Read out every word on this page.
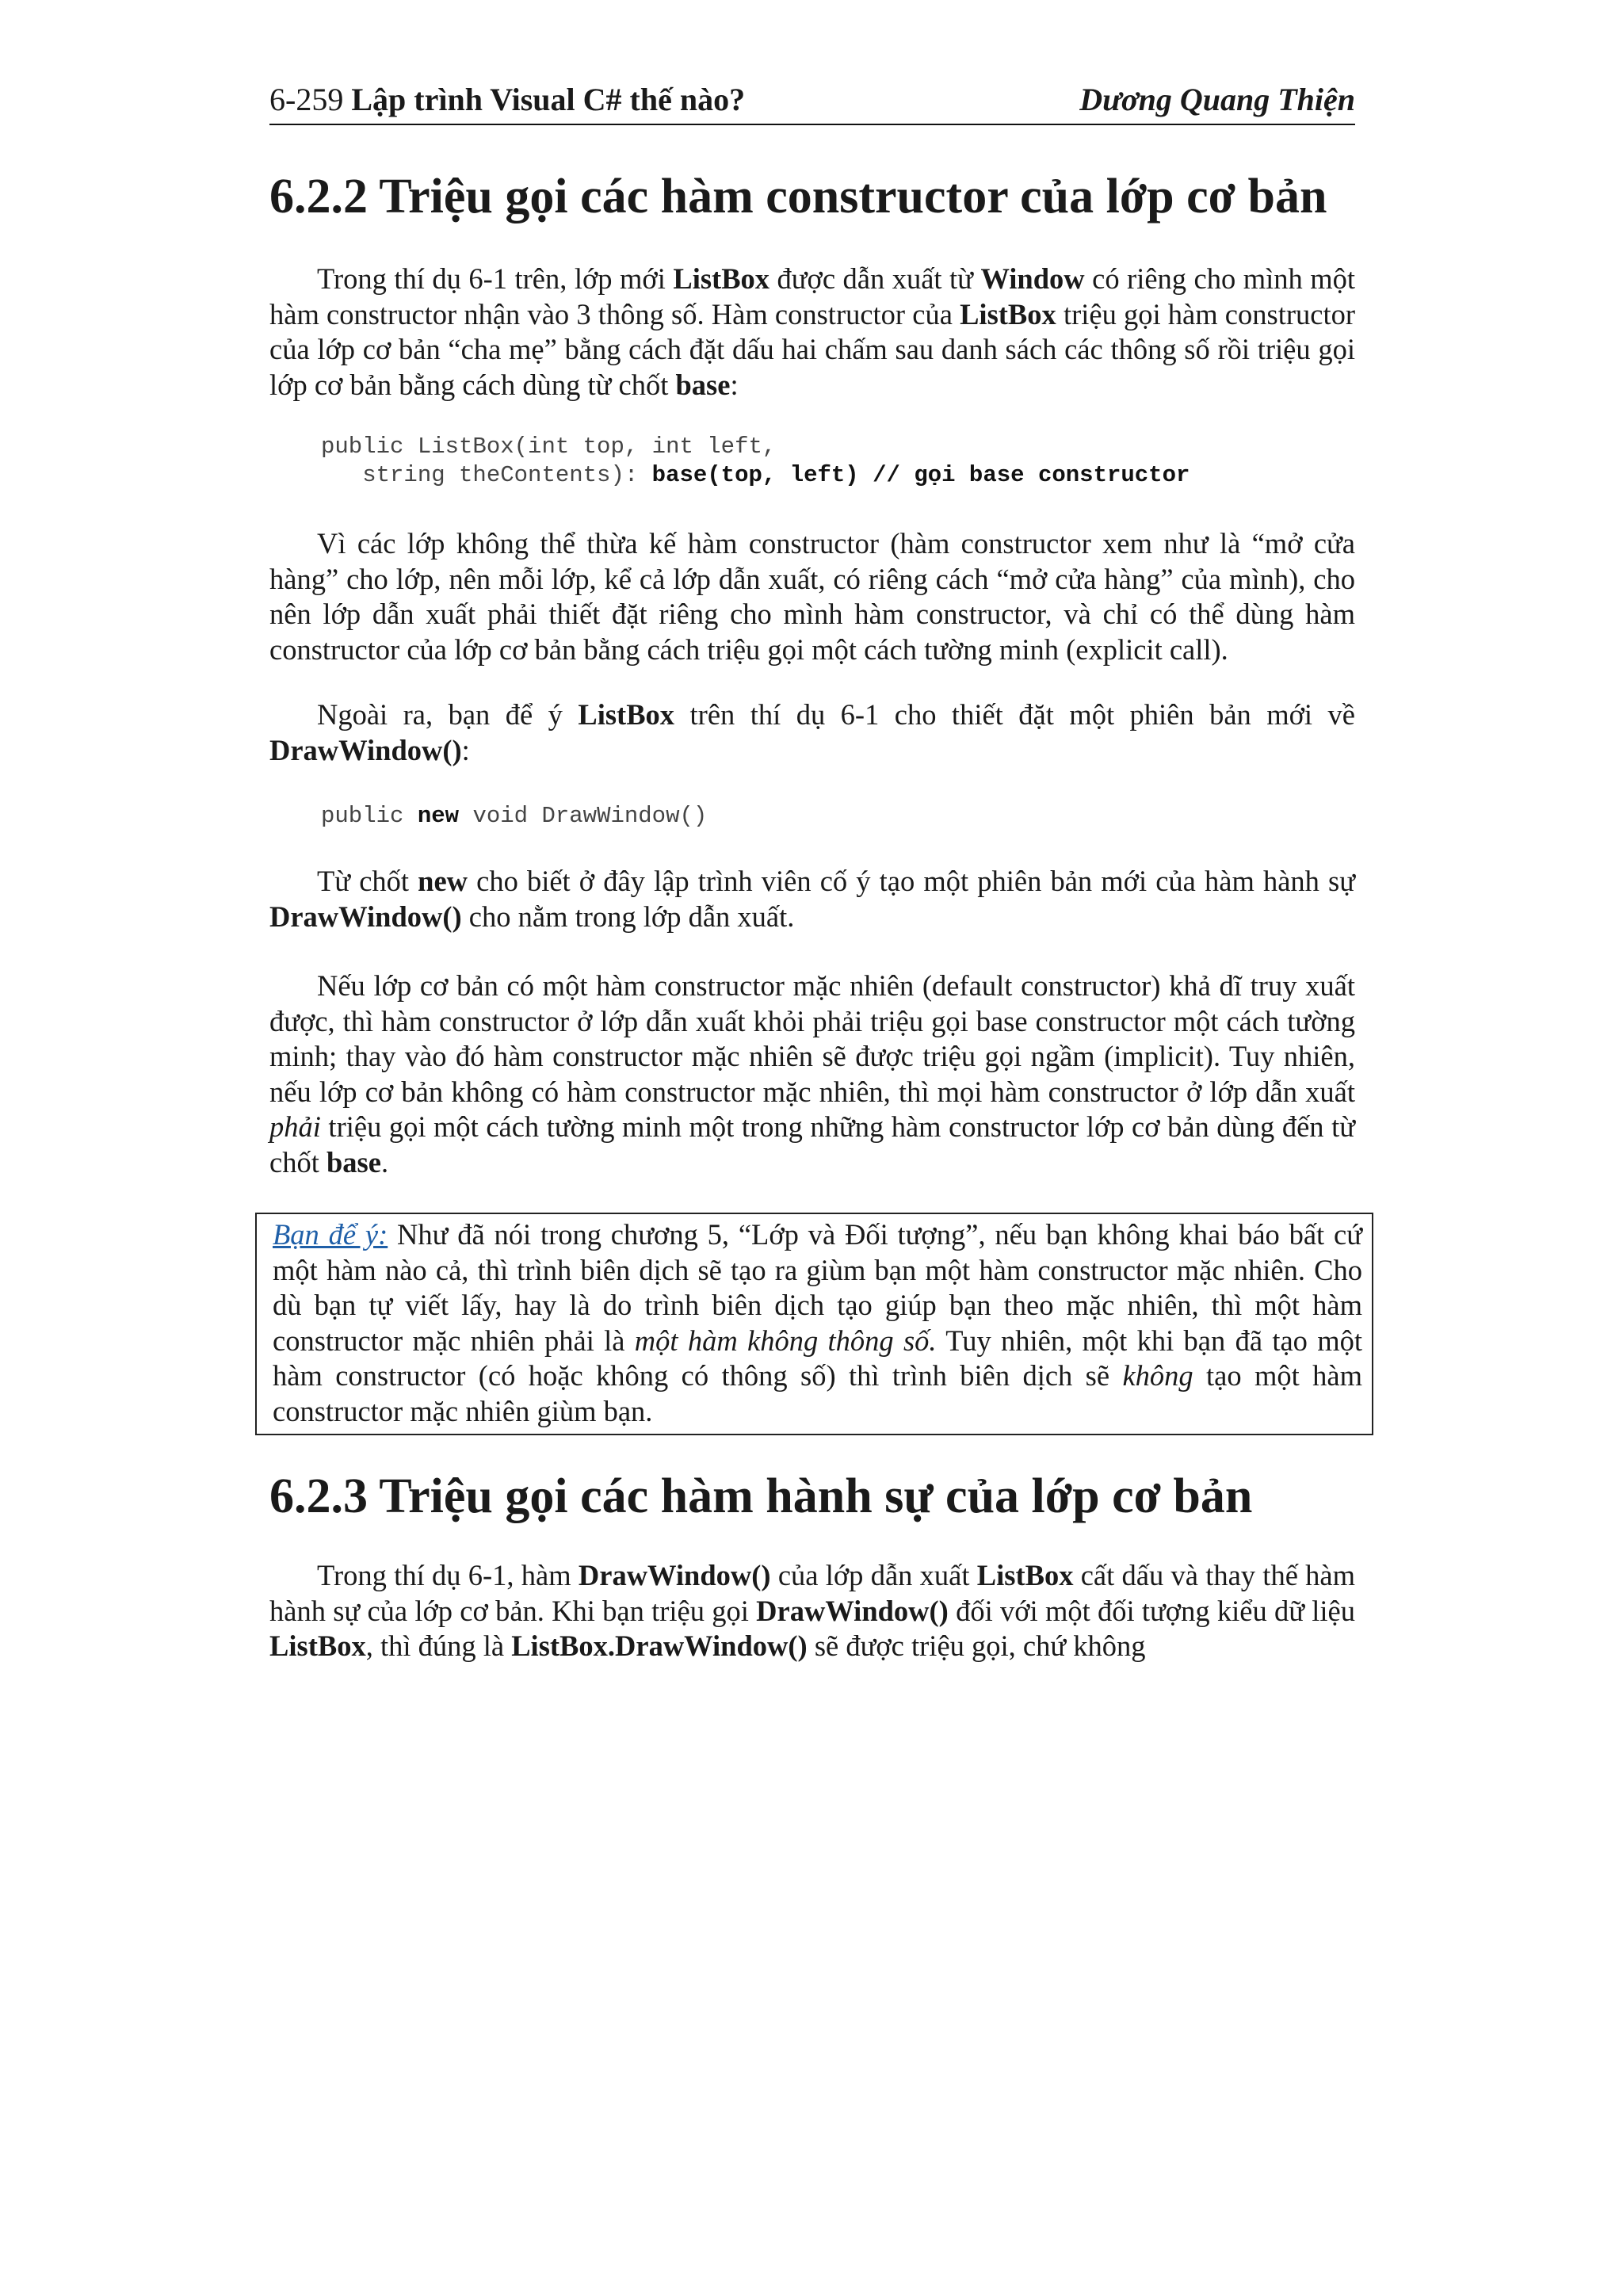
6-259 Lập trình Visual C# thế nào?	Dương Quang Thiện
6.2.2 Triệu gọi các hàm constructor của lớp cơ bản

Trong thí dụ 6-1 trên, lớp mới ListBox được dẫn xuất từ Window có riêng cho mình một hàm constructor nhận vào 3 thông số. Hàm constructor của ListBox triệu gọi hàm constructor của lớp cơ bản “cha mẹ” bằng cách đặt dấu hai chấm sau danh sách các thông số rồi triệu gọi lớp cơ bản bằng cách dùng từ chốt base:

public ListBox(int top, int left,
string theContents): base(top, left) // gọi base constructor

Vì các lớp không thể thừa kế hàm constructor (hàm constructor xem như là “mở cửa hàng” cho lớp, nên mỗi lớp, kể cả lớp dẫn xuất, có riêng cách “mở cửa hàng” của mình), cho nên lớp dẫn xuất phải thiết đặt riêng cho mình hàm constructor, và chỉ có thể dùng hàm constructor của lớp cơ bản bằng cách triệu gọi một cách tường minh (explicit call).

Ngoài ra, bạn để ý ListBox trên thí dụ 6-1 cho thiết đặt một phiên bản mới về DrawWindow():

public new void DrawWindow()

Từ chốt new cho biết ở đây lập trình viên cố ý tạo một phiên bản mới của hàm hành sự DrawWindow() cho nằm trong lớp dẫn xuất.

Nếu lớp cơ bản có một hàm constructor mặc nhiên (default constructor) khả dĩ truy xuất được, thì hàm constructor ở lớp dẫn xuất khỏi phải triệu gọi base constructor một cách tường minh; thay vào đó hàm constructor mặc nhiên sẽ được triệu gọi ngầm (implicit). Tuy nhiên, nếu lớp cơ bản không có hàm constructor mặc nhiên, thì mọi hàm constructor ở lớp dẫn xuất phải triệu gọi một cách tường minh một trong những hàm constructor lớp cơ bản dùng đến từ chốt base.

Bạn để ý: Như đã nói trong chương 5, “Lớp và Đối tượng”, nếu bạn không khai báo bất cứ một hàm nào cả, thì trình biên dịch sẽ tạo ra giùm bạn một hàm constructor mặc nhiên. Cho dù bạn tự viết lấy, hay là do trình biên dịch tạo giúp bạn theo mặc nhiên, thì một hàm constructor mặc nhiên phải là một hàm không thông số. Tuy nhiên, một khi bạn đã tạo một hàm constructor (có hoặc không có thông số) thì trình biên dịch sẽ không tạo một hàm constructor mặc nhiên giùm bạn.
6.2.3 Triệu gọi các hàm hành sự của lớp cơ bản

Trong thí dụ 6-1, hàm DrawWindow() của lớp dẫn xuất ListBox cất dấu và thay thế hàm hành sự của lớp cơ bản. Khi bạn triệu gọi DrawWindow() đối với một đối tượng kiểu dữ liệu ListBox, thì đúng là ListBox.DrawWindow() sẽ được triệu gọi, chứ không
